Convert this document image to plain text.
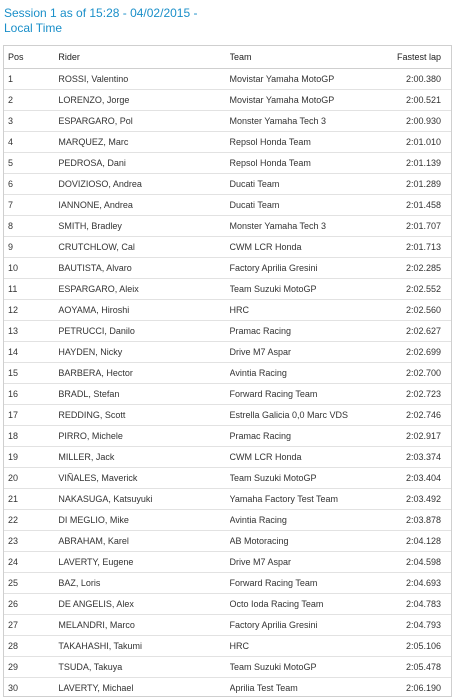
Session 1 as of 15:28 - 04/02/2015 -
Local Time
Pos	Rider	Team	Fastest lap
1	ROSSI, Valentino	Movistar Yamaha MotoGP	2:00.380
2	LORENZO, Jorge	Movistar Yamaha MotoGP	2:00.521
3	ESPARGARO, Pol	Monster Yamaha Tech 3	2:00.930
4	MARQUEZ, Marc	Repsol Honda Team	2:01.010
5	PEDROSA, Dani	Repsol Honda Team	2:01.139
6	DOVIZIOSO, Andrea	Ducati Team	2:01.289
7	IANNONE, Andrea	Ducati Team	2:01.458
8	SMITH, Bradley	Monster Yamaha Tech 3	2:01.707
9	CRUTCHLOW, Cal	CWM LCR Honda	2:01.713
10	BAUTISTA, Alvaro	Factory Aprilia Gresini	2:02.285
11	ESPARGARO, Aleix	Team Suzuki MotoGP	2:02.552
12	AOYAMA, Hiroshi	HRC	2:02.560
13	PETRUCCI, Danilo	Pramac Racing	2:02.627
14	HAYDEN, Nicky	Drive M7 Aspar	2:02.699
15	BARBERA, Hector	Avintia Racing	2:02.700
16	BRADL, Stefan	Forward Racing Team	2:02.723
17	REDDING, Scott	Estrella Galicia 0,0 Marc VDS	2:02.746
18	PIRRO, Michele	Pramac Racing	2:02.917
19	MILLER, Jack	CWM LCR Honda	2:03.374
20	VIÑALES, Maverick	Team Suzuki MotoGP	2:03.404
21	NAKASUGA, Katsuyuki	Yamaha Factory Test Team	2:03.492
22	DI MEGLIO, Mike	Avintia Racing	2:03.878
23	ABRAHAM, Karel	AB Motoracing	2:04.128
24	LAVERTY, Eugene	Drive M7 Aspar	2:04.598
25	BAZ, Loris	Forward Racing Team	2:04.693
26	DE ANGELIS, Alex	Octo Ioda Racing Team	2:04.783
27	MELANDRI, Marco	Factory Aprilia Gresini	2:04.793
28	TAKAHASHI, Takumi	HRC	2:05.106
29	TSUDA, Takuya	Team Suzuki MotoGP	2:05.478
30	LAVERTY, Michael	Aprilia Test Team	2:06.190
